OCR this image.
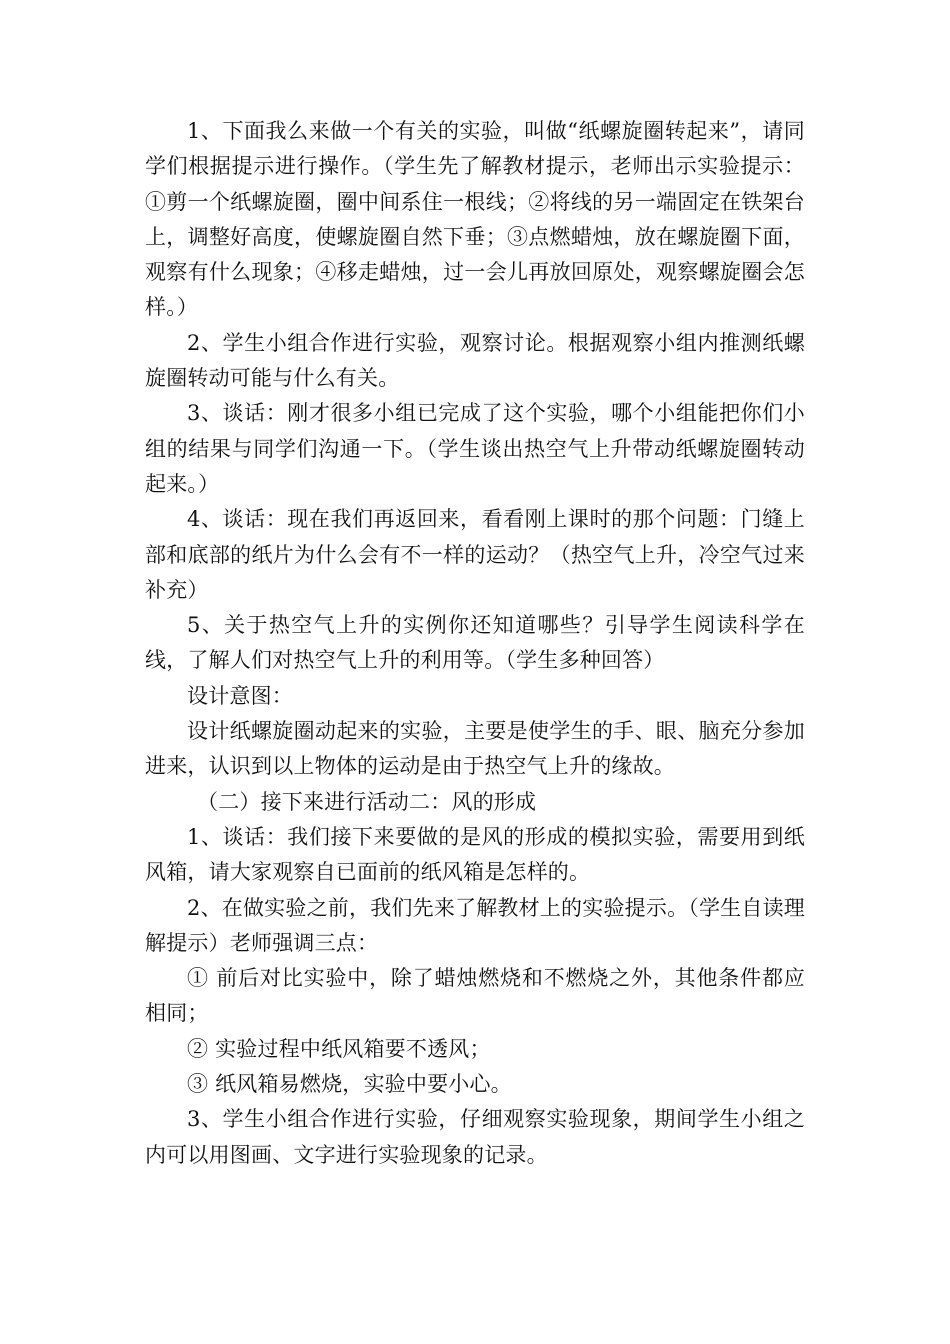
1、下面我么来做一个有关的实验，叫做“纸螺旋圈转起来”，请同学们根据提示进行操作。（学生先了解教材提示，老师出示实验提示：①剪一个纸螺旋圈，圈中间系住一根线；②将线的另一端固定在铁架台上，调整好高度，使螺旋圈自然下垂；③点燃蜡烛，放在螺旋圈下面，观察有什么现象；④移走蜡烛，过一会儿再放回原处，观察螺旋圈会怎样。）

2、学生小组合作进行实验，观察讨论。根据观察小组内推测纸螺旋圈转动可能与什么有关。

3、谈话：刚才很多小组已完成了这个实验，哪个小组能把你们小组的结果与同学们沟通一下。（学生谈出热空气上升带动纸螺旋圈转动起来。）

4、谈话：现在我们再返回来，看看刚上课时的那个问题：门缝上部和底部的纸片为什么会有不一样的运动？（热空气上升，冷空气过来补充）

5、关于热空气上升的实例你还知道哪些？引导学生阅读科学在线，了解人们对热空气上升的利用等。（学生多种回答）

设计意图：

设计纸螺旋圈动起来的实验，主要是使学生的手、眼、脑充分参加进来，认识到以上物体的运动是由于热空气上升的缘故。

（二）接下来进行活动二：风的形成

1、谈话：我们接下来要做的是风的形成的模拟实验，需要用到纸风箱，请大家观察自已面前的纸风箱是怎样的。

2、在做实验之前，我们先来了解教材上的实验提示。（学生自读理解提示）老师强调三点：

① 前后对比实验中，除了蜡烛燃烧和不燃烧之外，其他条件都应相同；

② 实验过程中纸风箱要不透风；

③ 纸风箱易燃烧，实验中要小心。

3、学生小组合作进行实验，仔细观察实验现象，期间学生小组之内可以用图画、文字进行实验现象的记录。
